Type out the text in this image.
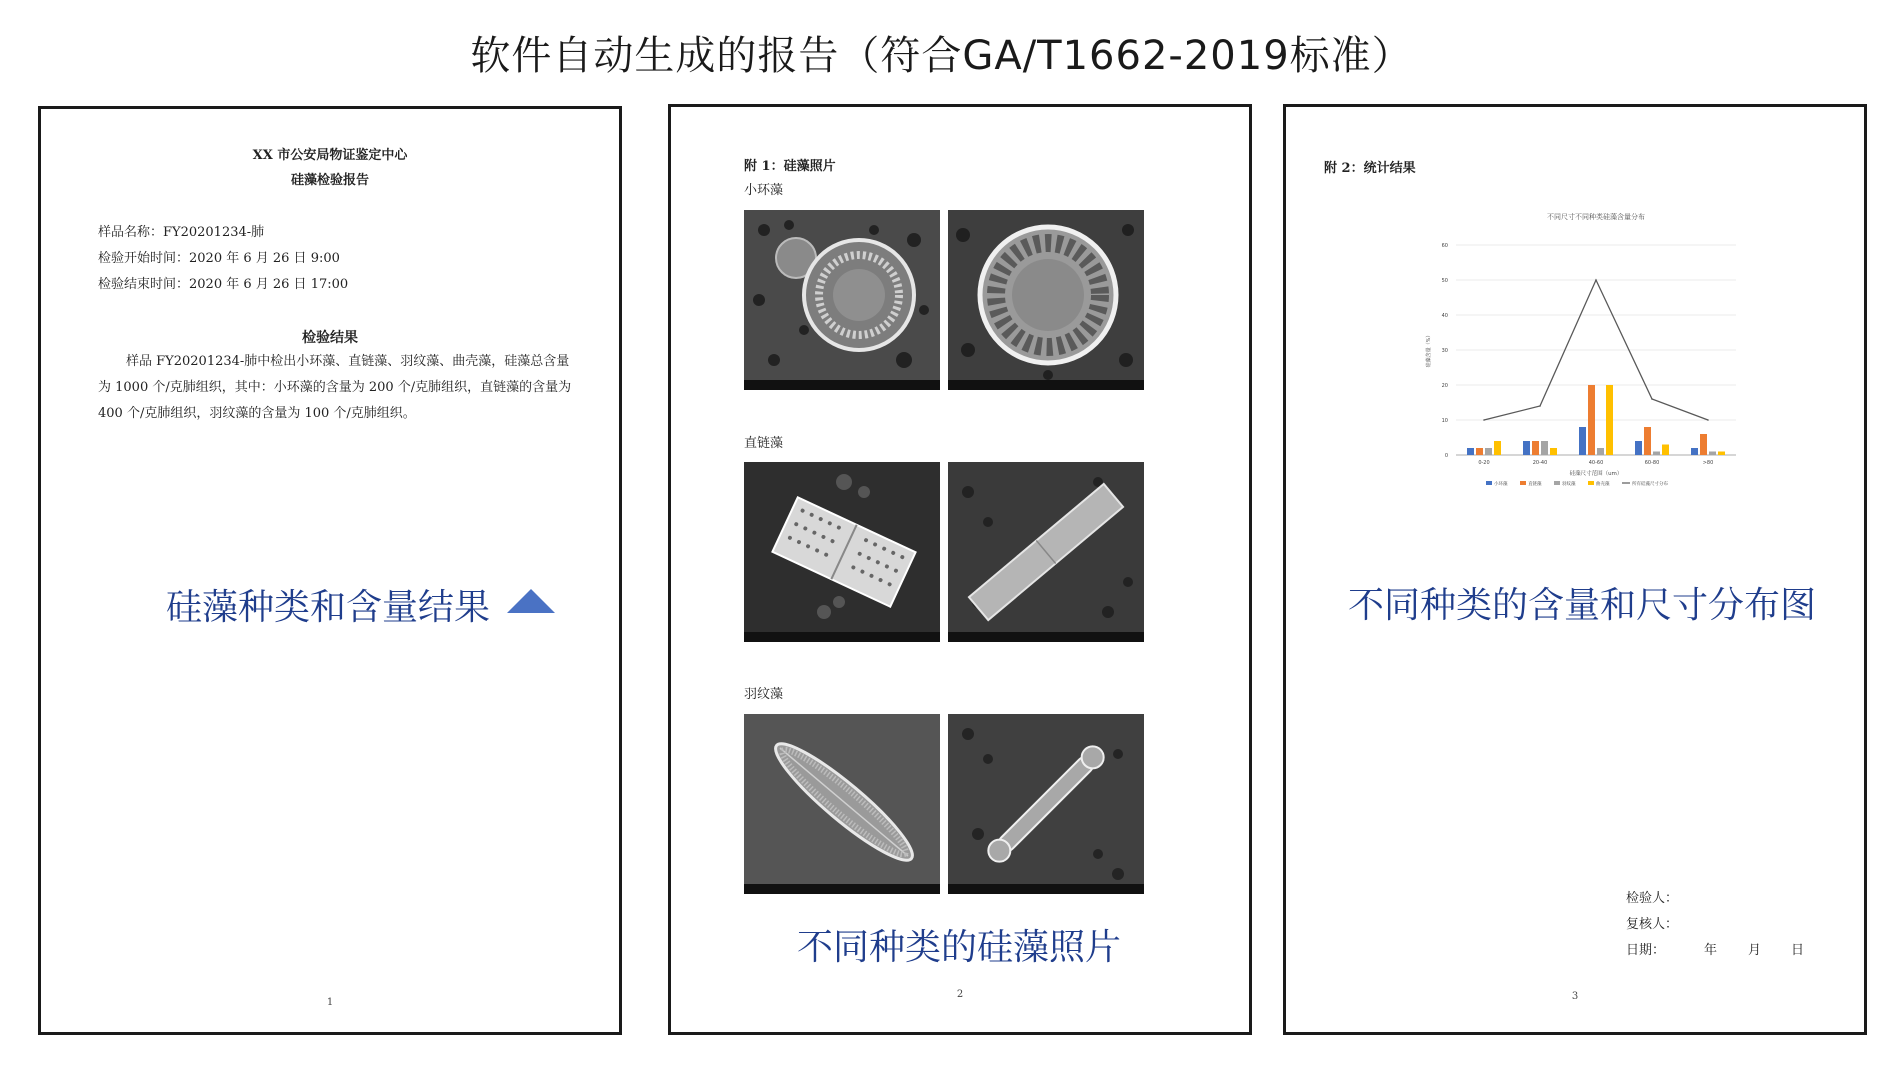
软件自动生成的报告（符合GA/T1662-2019标准）
XX 市公安局物证鉴定中心
硅藻检验报告
样品名称：FY20201234-肺
检验开始时间：2020 年 6 月 26 日 9:00
检验结束时间：2020 年 6 月 26 日 17:00
检验结果
样品 FY20201234-肺中检出小环藻、直链藻、羽纹藻、曲壳藻，硅藻总含量为 1000 个/克肺组织，其中：小环藻的含量为 200 个/克肺组织，直链藻的含量为 400 个/克肺组织，羽纹藻的含量为 100 个/克肺组织。
硅藻种类和含量结果
1
附 1：硅藻照片
小环藻
直链藻
羽纹藻
不同种类的硅藻照片
2
附 2：统计结果
不同尺寸不同种类硅藻含量分布
0
10
20
30
40
50
60
硅藻含量（%）
0-20	20-40	40-60	60-80	>80
硅藻尺寸范围（um）
小环藻	直链藻	羽纹藻	曲壳藻	所有硅藻尺寸分布
不同种类的含量和尺寸分布图
检验人：
复核人：
日期：	年 月 日
3
